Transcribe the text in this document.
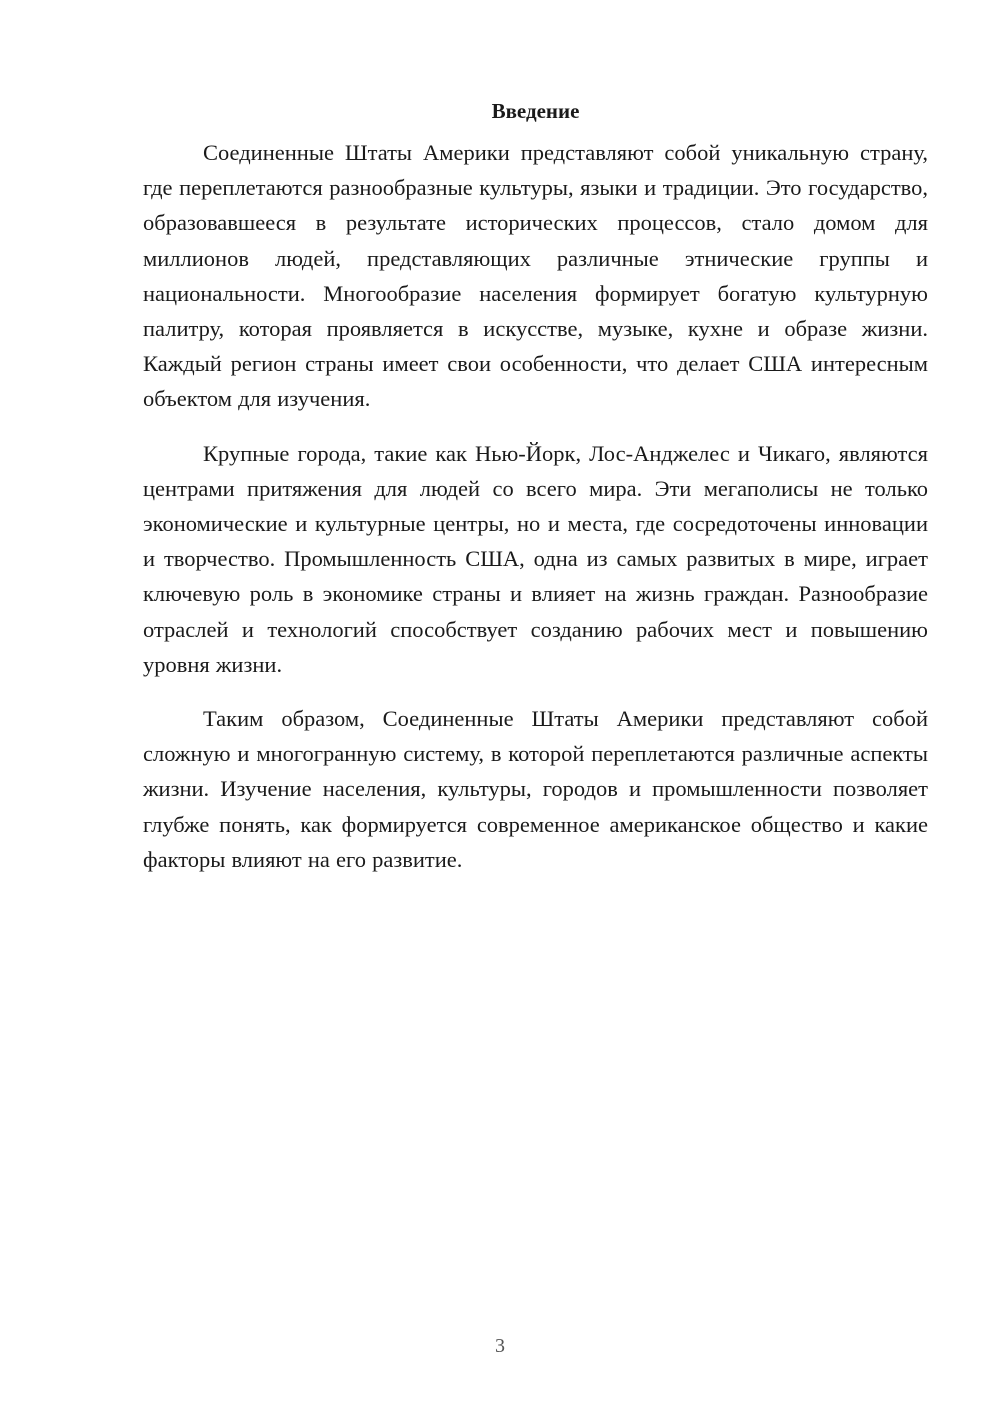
Введение

Соединенные Штаты Америки представляют собой уникальную страну, где переплетаются разнообразные культуры, языки и традиции. Это государство, образовавшееся в результате исторических процессов, стало домом для миллионов людей, представляющих различные этнические группы и национальности. Многообразие населения формирует богатую культурную палитру, которая проявляется в искусстве, музыке, кухне и образе жизни. Каждый регион страны имеет свои особенности, что делает США интересным объектом для изучения.

Крупные города, такие как Нью-Йорк, Лос-Анджелес и Чикаго, являются центрами притяжения для людей со всего мира. Эти мегаполисы не только экономические и культурные центры, но и места, где сосредоточены инновации и творчество. Промышленность США, одна из самых развитых в мире, играет ключевую роль в экономике страны и влияет на жизнь граждан. Разнообразие отраслей и технологий способствует созданию рабочих мест и повышению уровня жизни.

Таким образом, Соединенные Штаты Америки представляют собой сложную и многогранную систему, в которой переплетаются различные аспекты жизни. Изучение населения, культуры, городов и промышленности позволяет глубже понять, как формируется современное американское общество и какие факторы влияют на его развитие.

3
